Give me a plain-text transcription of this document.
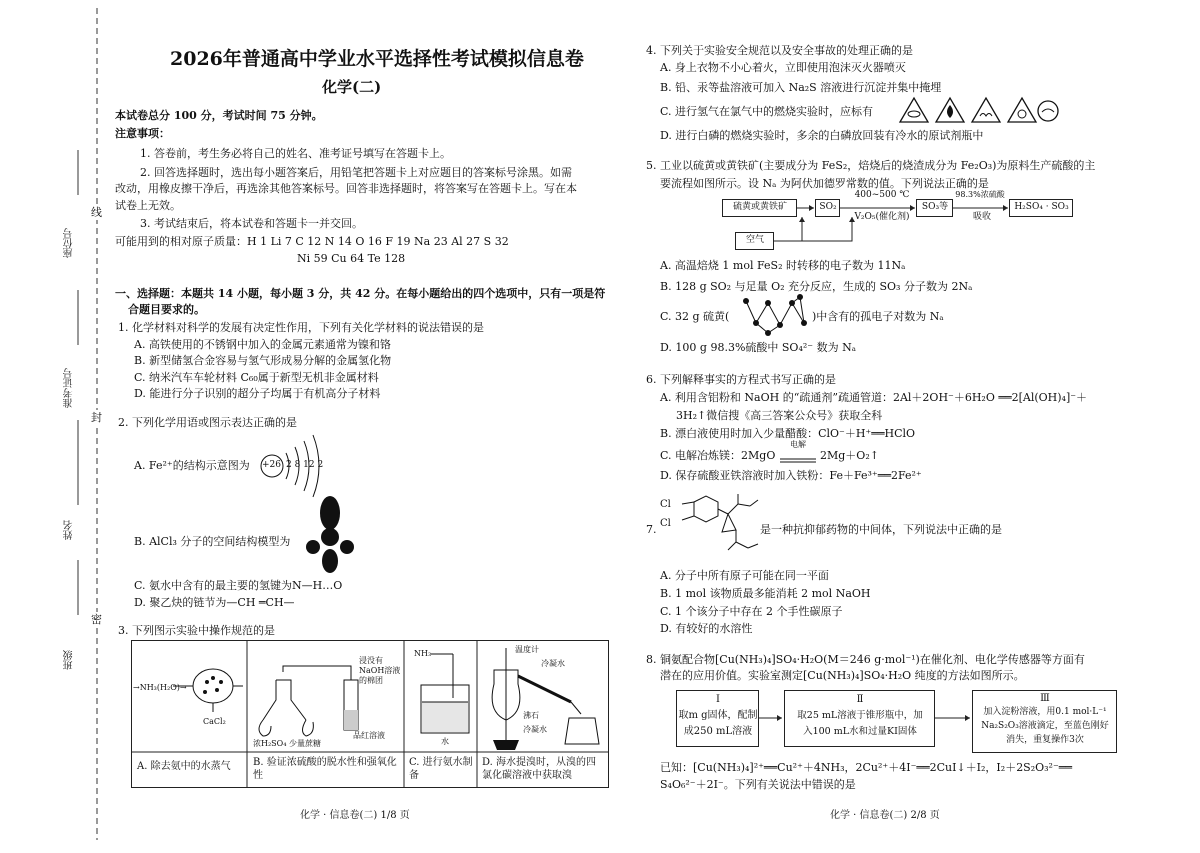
座位号
准考证号
姓名
班级
线
封
密
2026年普通高中学业水平选择性考试模拟信息卷
化学(二)
本试卷总分 100 分，考试时间 75 分钟。
注意事项：
1. 答卷前，考生务必将自己的姓名、准考证号填写在答题卡上。
2. 回答选择题时，选出每小题答案后，用铅笔把答题卡上对应题目的答案标号涂黑。如需
改动，用橡皮擦干净后，再选涂其他答案标号。回答非选择题时，将答案写在答题卡上。写在本
试卷上无效。
3. 考试结束后，将本试卷和答题卡一并交回。
可能用到的相对原子质量：H 1 Li 7 C 12 N 14 O 16 F 19 Na 23 Al 27 S 32
Ni 59 Cu 64 Te 128
一、选择题：本题共 14 小题，每小题 3 分，共 42 分。在每小题给出的四个选项中，只有一项是符
合题目要求的。
1. 化学材料对科学的发展有决定性作用，下列有关化学材料的说法错误的是
A. 高铁使用的不锈钢中加入的金属元素通常为镍和铬
B. 新型储氢合金容易与氢气形成易分解的金属氢化物
C. 纳米汽车车轮材料 C₆₀属于新型无机非金属材料
D. 能进行分子识别的超分子均属于有机高分子材料
2. 下列化学用语或图示表达正确的是
A. Fe²⁺的结构示意图为 +26 2 8 12 2
B. AlCl₃ 分子的空间结构模型为
C. 氨水中含有的最主要的氢键为N—H…O
D. 聚乙炔的链节为—CH ═CH—
3. 下列图示实验中操作规范的是
→NH₃(H₂O)→
CaCl₂
浸没有NaOH溶液的棉团
浓H₂SO₄ 少量蔗糖
品红溶液
NH₃
水
温度计
冷凝水
沸石
冷凝水
A. 除去氨中的水蒸气	B. 验证浓硫酸的脱水性和强氧化性
C. 进行氨水制备
D. 海水提溴时，从溴的四氯化碳溶液中获取溴
化学 · 信息卷(二) 1/8 页
4. 下列关于实验安全规范以及安全事故的处理正确的是
A. 身上衣物不小心着火，立即使用泡沫灭火器喷灭
B. 铅、汞等盐溶液可加入 Na₂S 溶液进行沉淀并集中掩埋
C. 进行氢气在氯气中的燃烧实验时，应标有
D. 进行白磷的燃烧实验时，多余的白磷放回装有冷水的原试剂瓶中
5. 工业以硫黄或黄铁矿(主要成分为 FeS₂，焙烧后的烧渣成分为 Fe₂O₃)为原料生产硫酸的主
要流程如图所示。设 Nₐ 为阿伏加德罗常数的值。下列说法正确的是
硫黄或黄铁矿	SO₂
400~500 ℃
V₂O₅(催化剂)
SO₃等
98.3%浓硫酸
吸收
H₂SO₄ · SO₃
空气
A. 高温焙烧 1 mol FeS₂ 时转移的电子数为 11Nₐ
B. 128 g SO₂ 与足量 O₂ 充分反应，生成的 SO₃ 分子数为 2Nₐ
C. 32 g 硫黄(	)中含有的孤电子对数为 Nₐ
D. 100 g 98.3%硫酸中 SO₄²⁻ 数为 Nₐ
6. 下列解释事实的方程式书写正确的是
A. 利用含铝粉和 NaOH 的“疏通剂”疏通管道：2Al＋2OH⁻＋6H₂O ══2[Al(OH)₄]⁻＋
3H₂↑微信搜《高三答案公众号》获取全科
B. 漂白液使用时加入少量醋酸：ClO⁻＋H⁺══HClO
C. 电解冶炼镁：2MgO
电解
2Mg＋O₂↑
D. 保存硫酸亚铁溶液时加入铁粉：Fe＋Fe³⁺══2Fe²⁺
7.
Cl
Cl	是一种抗抑郁药物的中间体，下列说法中正确的是
A. 分子中所有原子可能在同一平面
B. 1 mol 该物质最多能消耗 2 mol NaOH
C. 1 个该分子中存在 2 个手性碳原子
D. 有较好的水溶性
8. 铜氨配合物[Cu(NH₃)₄]SO₄·H₂O(M＝246 g·mol⁻¹)在催化剂、电化学传感器等方面有
潜在的应用价值。实验室测定[Cu(NH₃)₄]SO₄·H₂O 纯度的方法如图所示。
Ⅰ
取m g固体，配制
成250 mL溶液
Ⅱ
取25 mL溶液于锥形瓶中，加
入100 mL水和过量KI固体
Ⅲ
加入淀粉溶液，用0.1 mol·L⁻¹
Na₂S₂O₃溶液滴定，至蓝色刚好
消失，重复操作3次
已知：[Cu(NH₃)₄]²⁺══Cu²⁺＋4NH₃，2Cu²⁺＋4I⁻══2CuI↓＋I₂，I₂＋2S₂O₃²⁻══
S₄O₆²⁻＋2I⁻。下列有关说法中错误的是
化学 · 信息卷(二) 2/8 页
